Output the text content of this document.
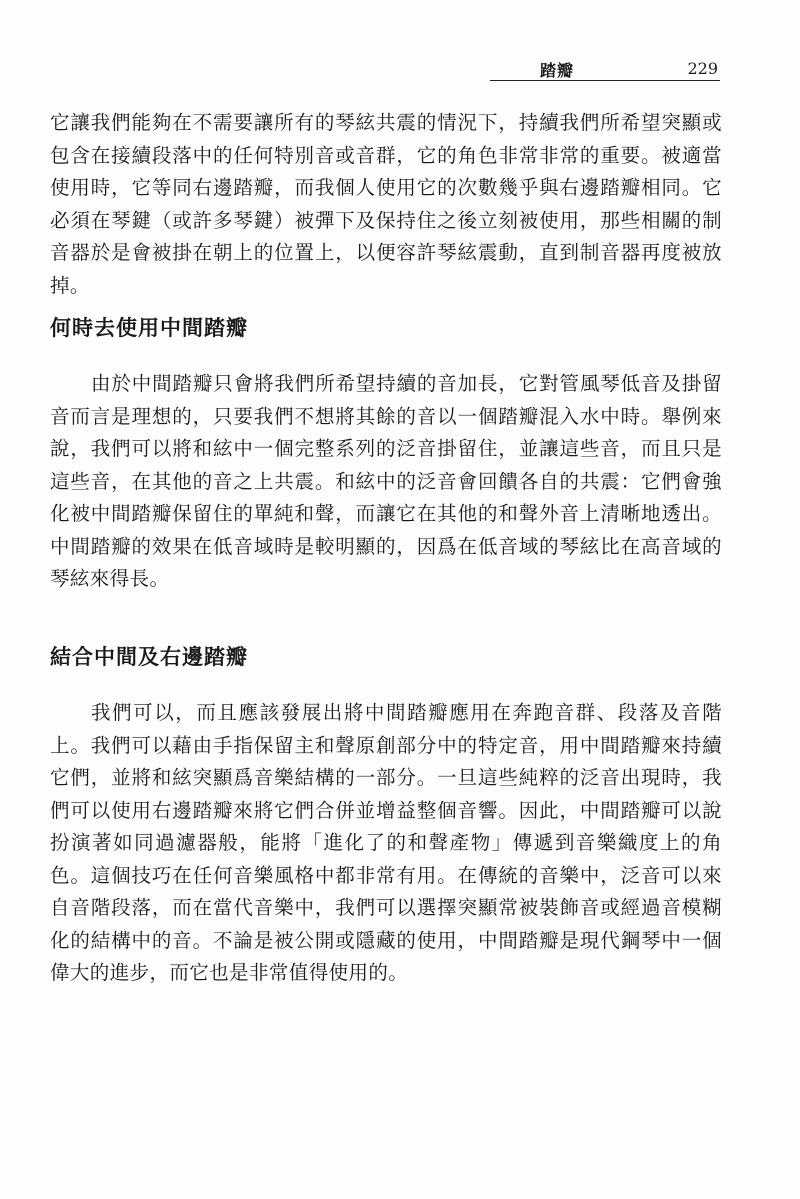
踏瓣	229

它讓我們能夠在不需要讓所有的琴絃共震的情況下，持續我們所希望突顯或包含在接續段落中的任何特別音或音群，它的角色非常非常的重要。被適當使用時，它等同右邊踏瓣，而我個人使用它的次數幾乎與右邊踏瓣相同。它必須在琴鍵（或許多琴鍵）被彈下及保持住之後立刻被使用，那些相關的制音器於是會被掛在朝上的位置上，以便容許琴絃震動，直到制音器再度被放掉。

何時去使用中間踏瓣

由於中間踏瓣只會將我們所希望持續的音加長，它對管風琴低音及掛留音而言是理想的，只要我們不想將其餘的音以一個踏瓣混入水中時。舉例來說，我們可以將和絃中一個完整系列的泛音掛留住，並讓這些音，而且只是這些音，在其他的音之上共震。和絃中的泛音會回饋各自的共震：它們會強化被中間踏瓣保留住的單純和聲，而讓它在其他的和聲外音上清晰地透出。中間踏瓣的效果在低音域時是較明顯的，因爲在低音域的琴絃比在高音域的琴絃來得長。

結合中間及右邊踏瓣

我們可以，而且應該發展出將中間踏瓣應用在奔跑音群、段落及音階上。我們可以藉由手指保留主和聲原創部分中的特定音，用中間踏瓣來持續它們，並將和絃突顯爲音樂結構的一部分。一旦這些純粹的泛音出現時，我們可以使用右邊踏瓣來將它們合併並增益整個音響。因此，中間踏瓣可以說扮演著如同過濾器般，能將「進化了的和聲產物」傳遞到音樂織度上的角色。這個技巧在任何音樂風格中都非常有用。在傳統的音樂中，泛音可以來自音階段落，而在當代音樂中，我們可以選擇突顯常被裝飾音或經過音模糊化的結構中的音。不論是被公開或隱藏的使用，中間踏瓣是現代鋼琴中一個偉大的進步，而它也是非常值得使用的。
